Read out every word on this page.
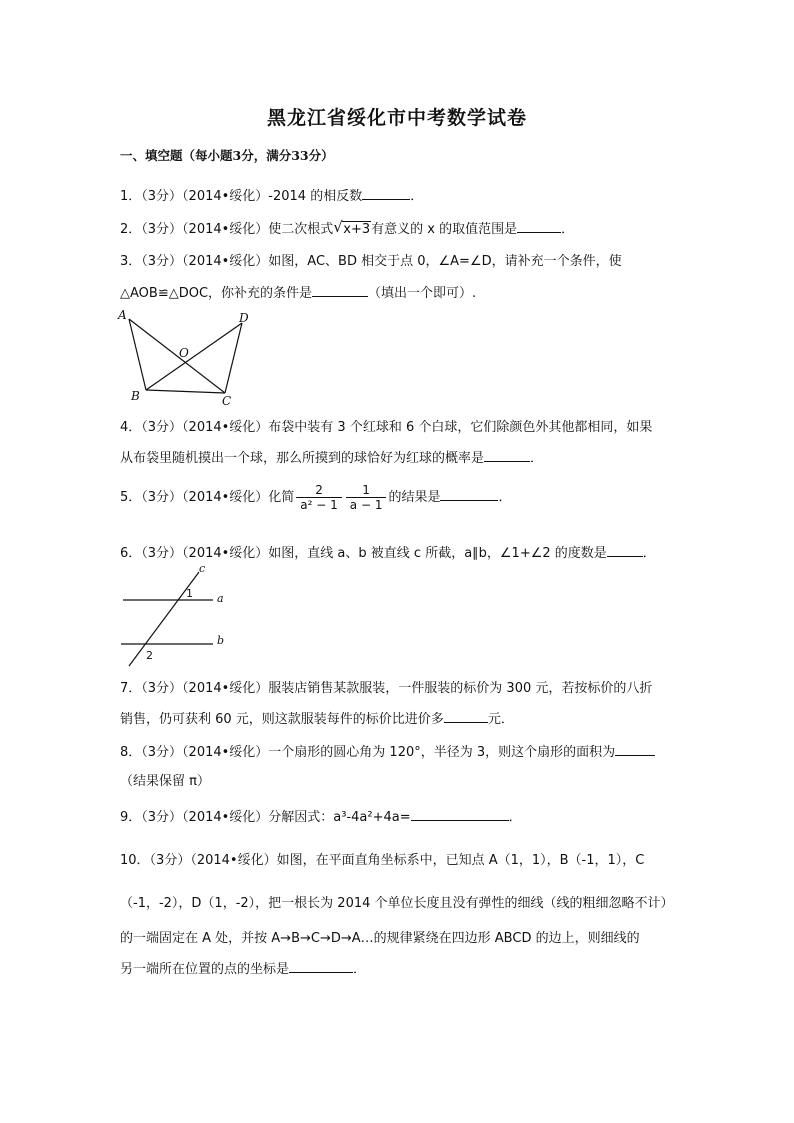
黑龙江省绥化市中考数学试卷
一、填空题（每小题3分，满分33分）
1．（3分）（2014•绥化）-2014 的相反数	．
2．（3分）（2014•绥化）使二次根式 √ x+3有意义的 x 的取值范围是	．
3．（3分）（2014•绥化）如图，AC、BD 相交于点 0，∠A=∠D，请补充一个条件，使
△AOB≌△DOC，你补充的条件是	（填出一个即可）.
A	D
O
B	C
4．（3分）（2014•绥化）布袋中装有 3 个红球和 6 个白球，它们除颜色外其他都相同，如果
从布袋里随机摸出一个球，那么所摸到的球恰好为红球的概率是	．
5．（3分）（2014•绥化）化简 $\frac{2}{\text{a² − 1}} \frac{1}{a - 1}$ 的结果是	．
6．（3分）（2014•绥化）如图，直线 a、b 被直线 c 所截，a∥b，∠1+∠2 的度数是	．
c
a
b
1
2
7．（3分）（2014•绥化）服装店销售某款服装，一件服装的标价为 300 元，若按标价的八折
销售，仍可获利 60 元，则这款服装每件的标价比进价多	元．
8．（3分）（2014•绥化）一个扇形的圆心角为 120°，半径为 3，则这个扇形的面积为
（结果保留 π）
9．（3分）（2014•绥化）分解因式：a³-4a²+4a=	．
10．（3分）（2014•绥化）如图，在平面直角坐标系中，已知点 A（1，1），B（-1，1），C
（-1，-2），D（1，-2），把一根长为 2014 个单位长度且没有弹性的细线（线的粗细忽略不计）
的一端固定在 A 处，并按 A→B→C→D→A…的规律紧绕在四边形 ABCD 的边上，则细线的
另一端所在位置的点的坐标是	．
